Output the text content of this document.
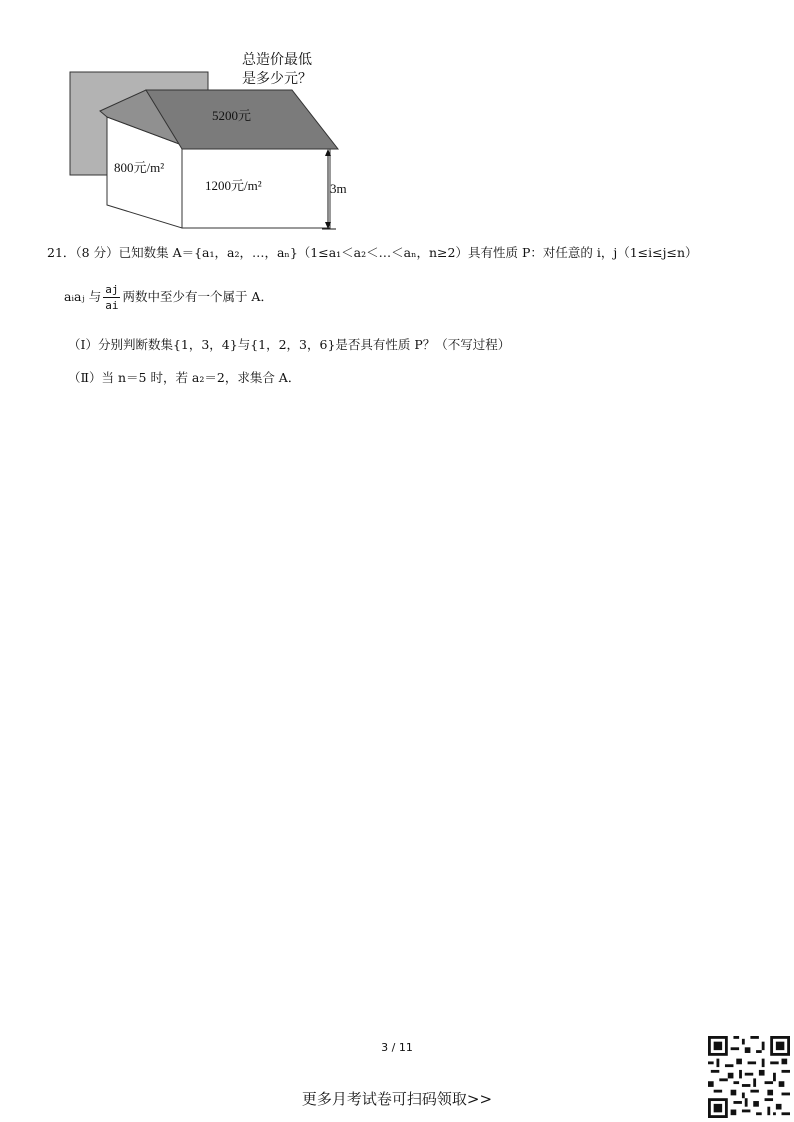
总造价最低
是多少元？
5200元
800元/m²
1200元/m²	3m
21．（8 分）已知数集 A＝{a₁，a₂，…，aₙ}（1≤a₁＜a₂＜…＜aₙ，n≥2）具有性质 P：对任意的 i，j（1≤i≤j≤n）
aᵢaⱼ 与 $\frac{aj}{ai}$ 两数中至少有一个属于 A．
（Ⅰ）分别判断数集{1，3，4}与{1，2，3，6}是否具有性质 P？（不写过程）
（Ⅱ）当 n＝5 时，若 a₂＝2，求集合 A．
3 / 11
更多月考试卷可扫码领取>>
